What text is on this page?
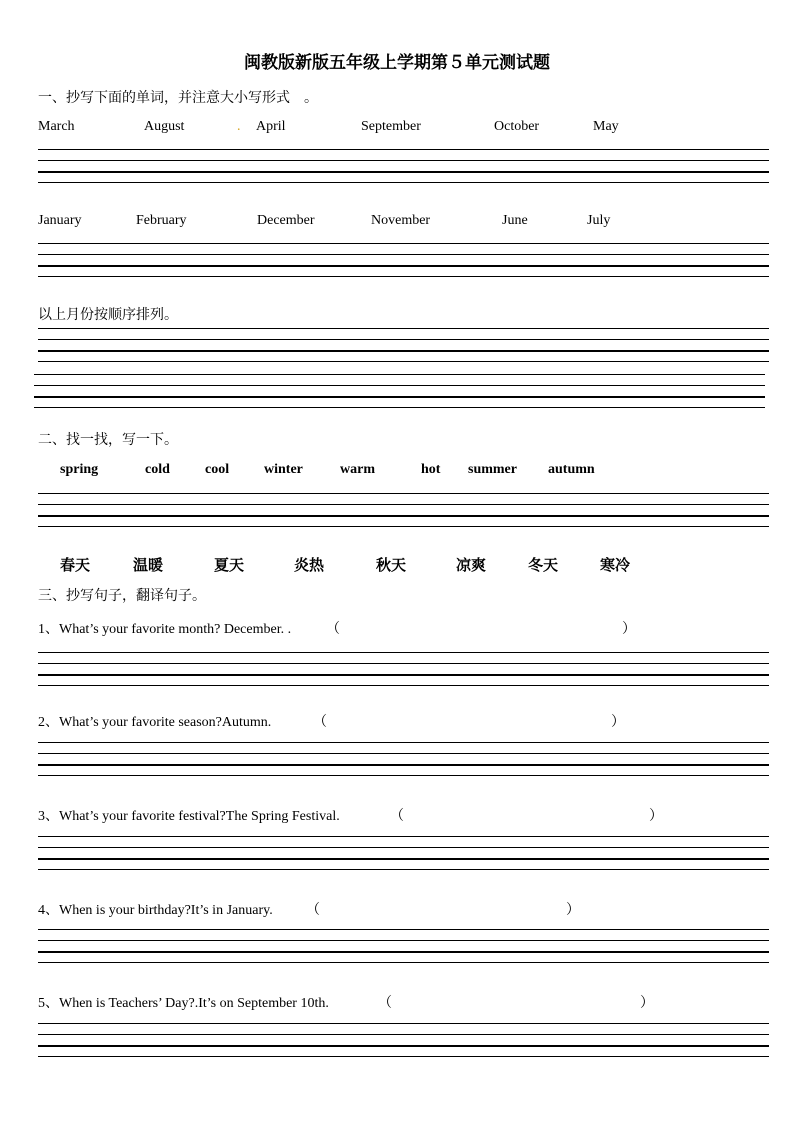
闽教版新版五年级上学期第５单元测试题
一、抄写下面的单词，并注意大小写形式　。
March	August	. April	September	October	May
January	February	December	November	June	July
以上月份按顺序排列。
二、找一找，写一下。
spring	cold	cool winter	warm	hot summer autumn
春天	温暖	夏天	炎热	秋天	凉爽	冬天	寒冷
三、抄写句子，翻译句子。
1、What’s your favorite month? December. . （	）
2、What’s your favorite season?Autumn.	（	）
3、What’s your favorite festival?The Spring Festival.	（	）
4、When is your birthday?It’s in January. （	）
5、When is Teachers’ Day?.It’s on September 10th.	（	）
